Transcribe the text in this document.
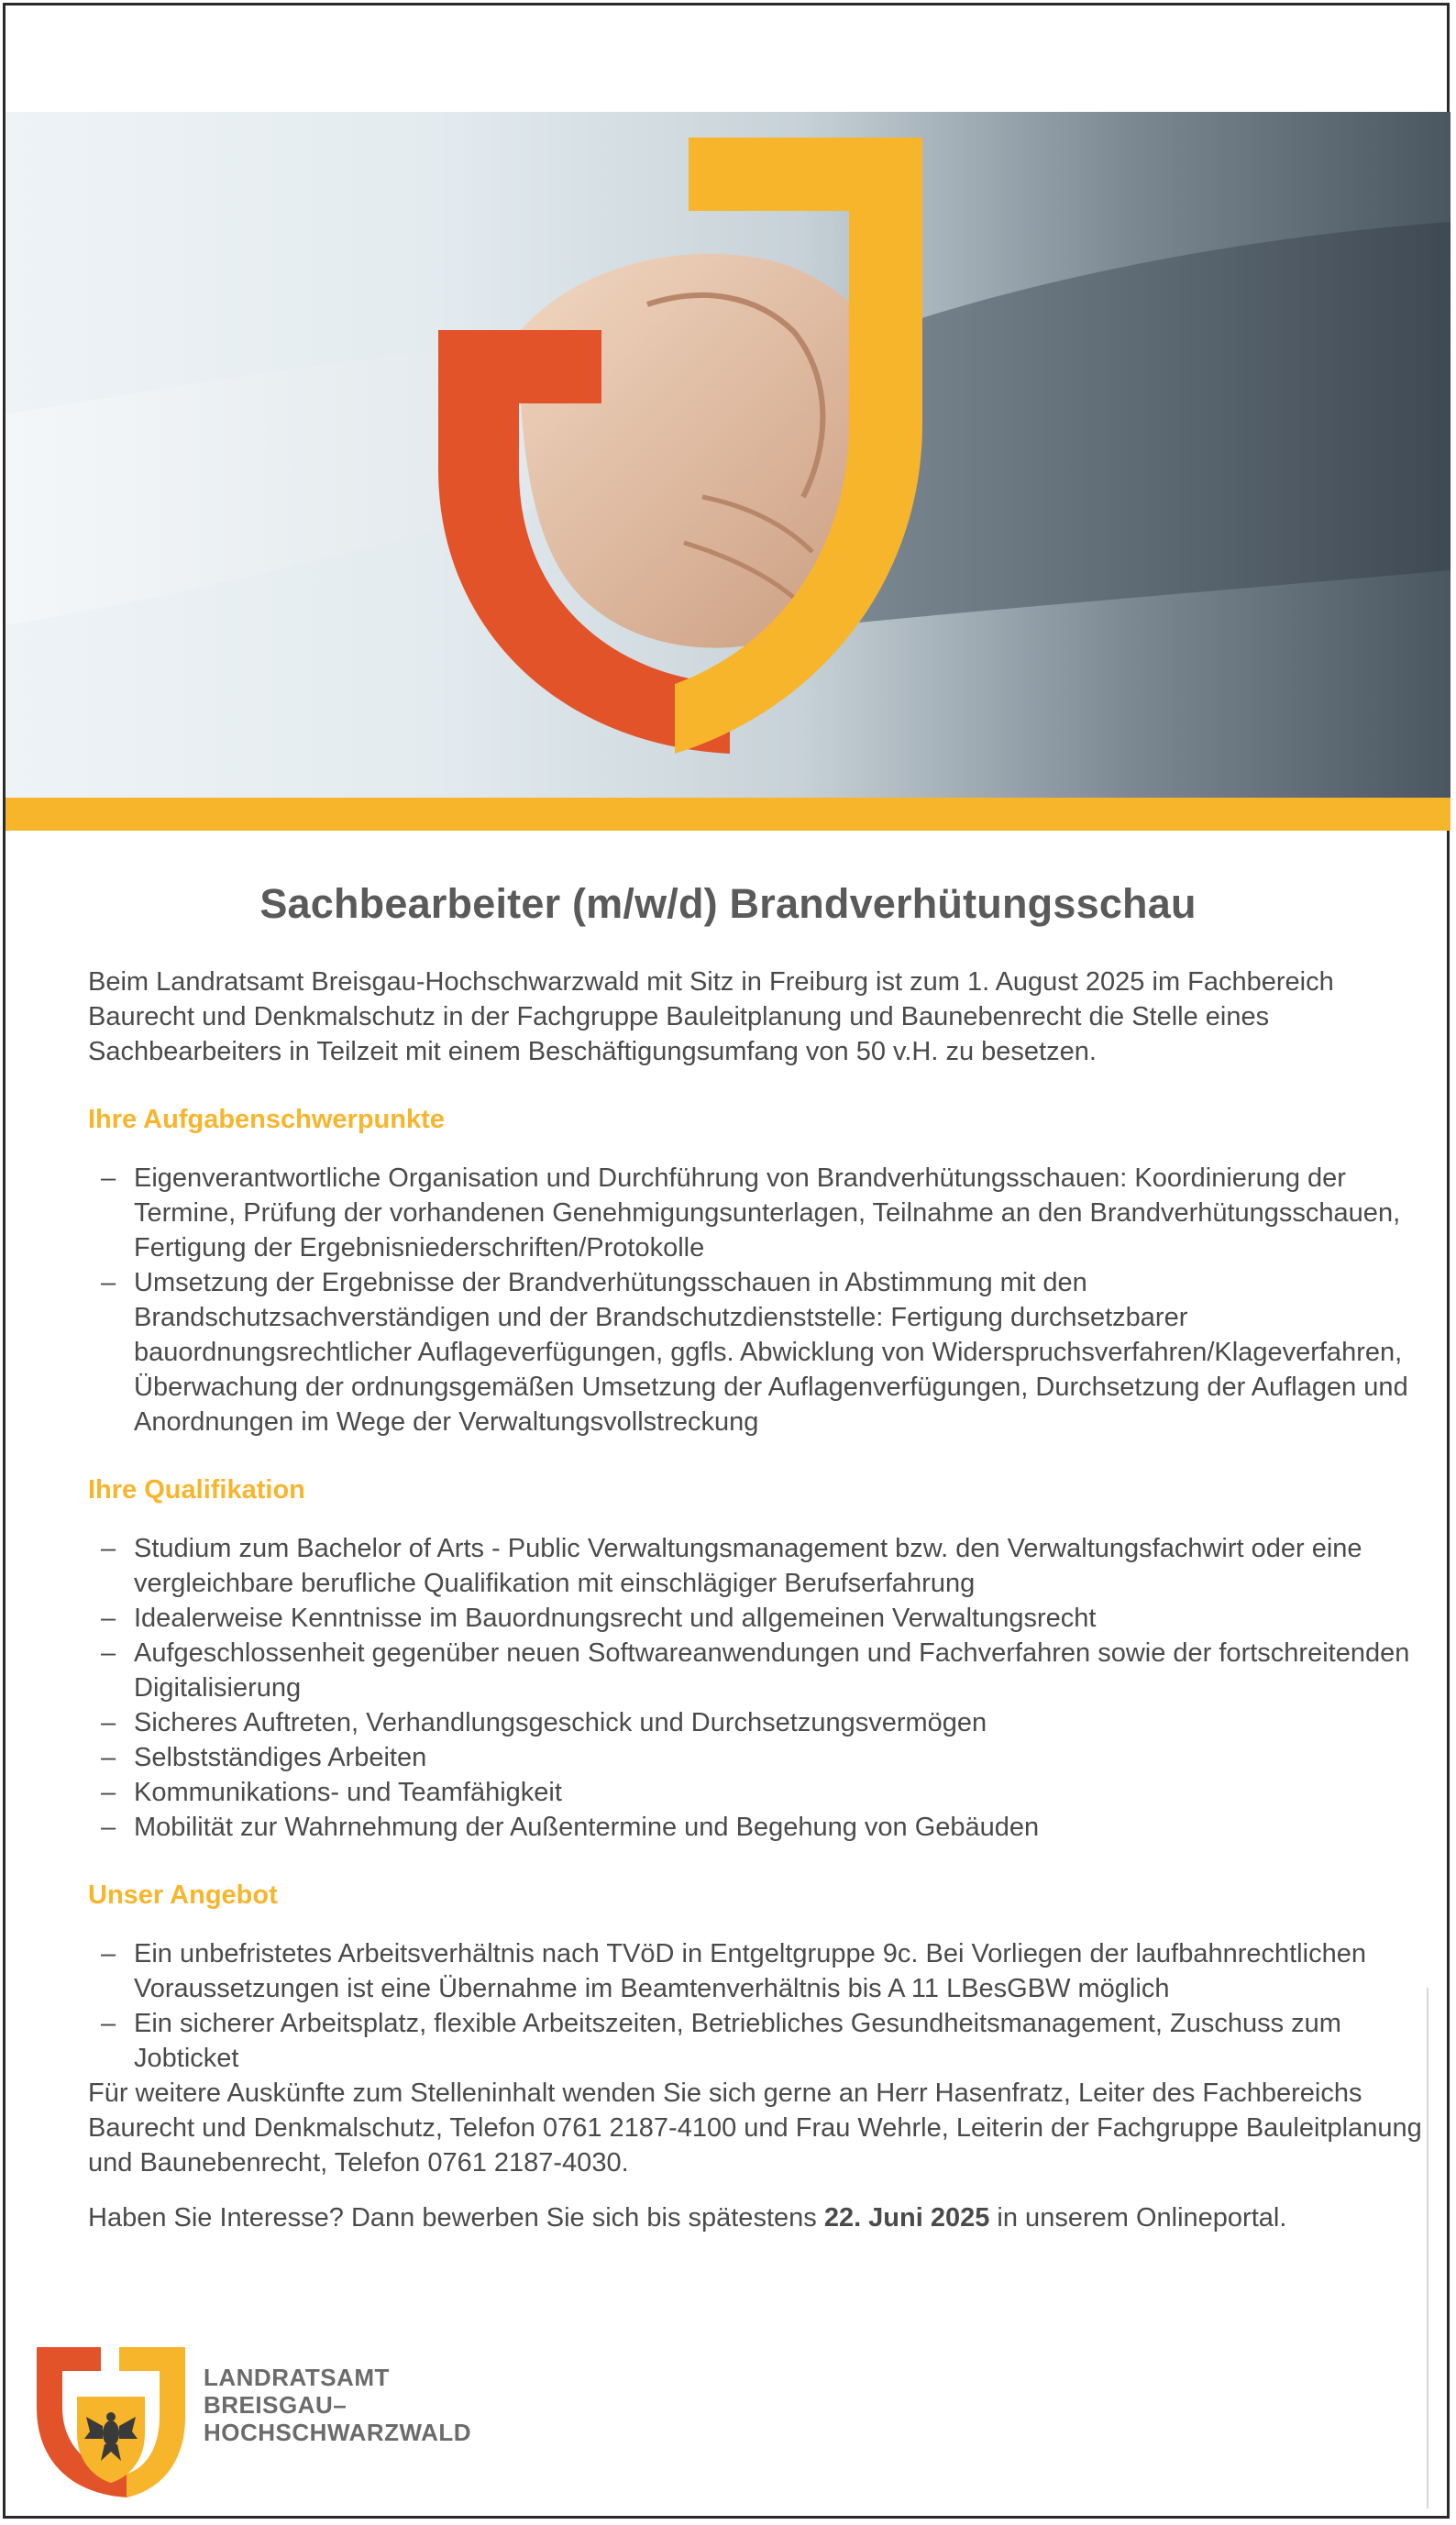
Sachbearbeiter (m/w/d) Brandverhütungsschau

Beim Landratsamt Breisgau-Hochschwarzwald mit Sitz in Freiburg ist zum 1. August 2025 im Fachbereich Baurecht und Denkmalschutz in der Fachgruppe Bauleitplanung und Baunebenrecht die Stelle eines Sachbearbeiters in Teilzeit mit einem Beschäftigungsumfang von 50 v.H. zu besetzen.

Ihre Aufgabenschwerpunkte
– Eigenverantwortliche Organisation und Durchführung von Brandverhütungsschauen: Koordinierung der Termine, Prüfung der vorhandenen Genehmigungsunterlagen, Teilnahme an den Brandverhütungsschauen, Fertigung der Ergebnisniederschriften/Protokolle
– Umsetzung der Ergebnisse der Brandverhütungsschauen in Abstimmung mit den Brandschutzsachverständigen und der Brandschutzdienststelle: Fertigung durchsetzbarer bauordnungsrechtlicher Auflageverfügungen, ggfls. Abwicklung von Widerspruchsverfahren/Klageverfahren, Überwachung der ordnungsgemäßen Umsetzung der Auflagenverfügungen, Durchsetzung der Auflagen und Anordnungen im Wege der Verwaltungsvollstreckung
Ihre Qualifikation
– Studium zum Bachelor of Arts - Public Verwaltungsmanagement bzw. den Verwaltungsfachwirt oder eine vergleichbare berufliche Qualifikation mit einschlägiger Berufserfahrung
– Idealerweise Kenntnisse im Bauordnungsrecht und allgemeinen Verwaltungsrecht
– Aufgeschlossenheit gegenüber neuen Softwareanwendungen und Fachverfahren sowie der fortschreitenden Digitalisierung
– Sicheres Auftreten, Verhandlungsgeschick und Durchsetzungsvermögen
– Selbstständiges Arbeiten
– Kommunikations- und Teamfähigkeit
– Mobilität zur Wahrnehmung der Außentermine und Begehung von Gebäuden
Unser Angebot
– Ein unbefristetes Arbeitsverhältnis nach TVöD in Entgeltgruppe 9c. Bei Vorliegen der laufbahnrechtlichen Voraussetzungen ist eine Übernahme im Beamtenverhältnis bis A 11 LBesGBW möglich
– Ein sicherer Arbeitsplatz, flexible Arbeitszeiten, Betriebliches Gesundheitsmanagement, Zuschuss zum Jobticket

Für weitere Auskünfte zum Stelleninhalt wenden Sie sich gerne an Herr Hasenfratz, Leiter des Fachbereichs Baurecht und Denkmalschutz, Telefon 0761 2187-4100 und Frau Wehrle, Leiterin der Fachgruppe Bauleitplanung und Baunebenrecht, Telefon 0761 2187-4030.

Haben Sie Interesse? Dann bewerben Sie sich bis spätestens 22. Juni 2025 in unserem Onlineportal.

LANDRATSAMT
BREISGAU–
HOCHSCHWARZWALD
